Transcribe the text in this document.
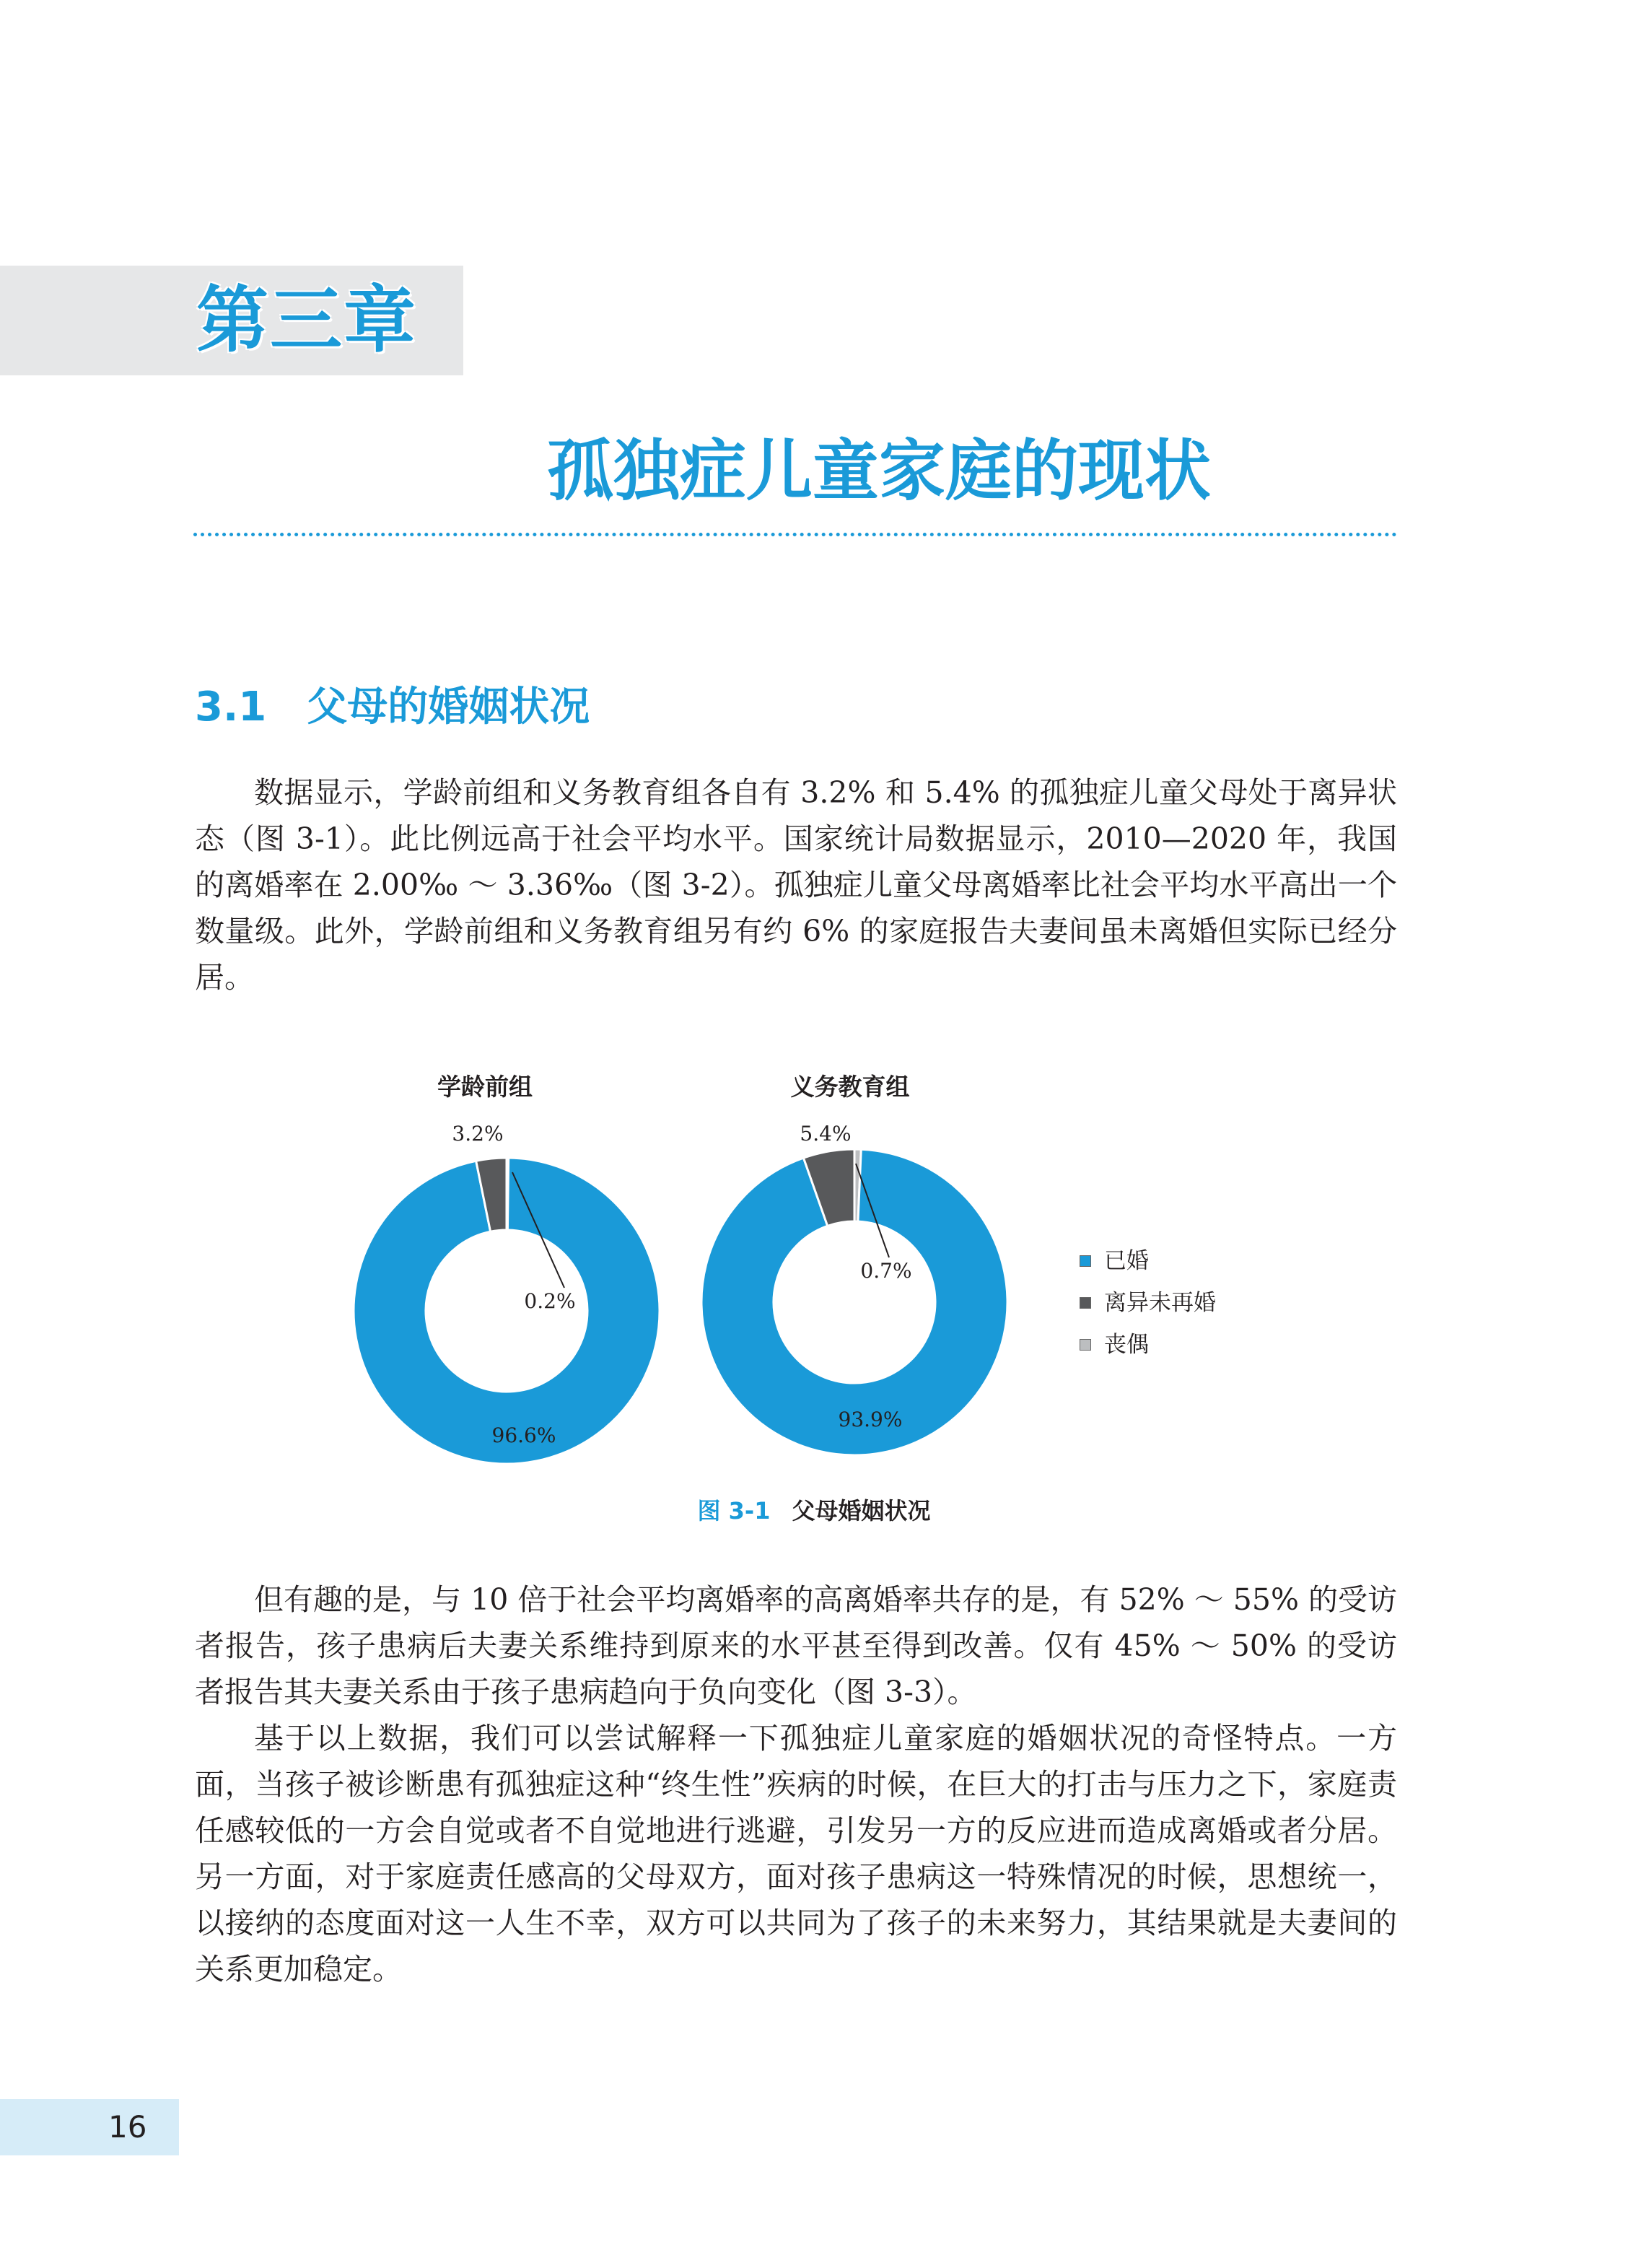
第三章
孤独症儿童家庭的现状
3.1 父母的婚姻状况

数据显示，学龄前组和义务教育组各自有 3.2% 和 5.4% 的孤独症儿童父母处于离异状态（图 3-1）。此比例远高于社会平均水平。国家统计局数据显示，2010—2020 年，我国的离婚率在 2.00‰ ～ 3.36‰（图 3-2）。孤独症儿童父母离婚率比社会平均水平高出一个数量级。此外，学龄前组和义务教育组另有约 6% 的家庭报告夫妻间虽未离婚但实际已经分居。

学龄前组	义务教育组
96.6%
3.2%
0.2%
93.9%
5.4%
0.7%	已婚
离异未再婚
丧偶
图 3-1 父母婚姻状况

但有趣的是，与 10 倍于社会平均离婚率的高离婚率共存的是，有 52% ～ 55% 的受访者报告，孩子患病后夫妻关系维持到原来的水平甚至得到改善。仅有 45% ～ 50% 的受访者报告其夫妻关系由于孩子患病趋向于负向变化（图 3-3）。

基于以上数据，我们可以尝试解释一下孤独症儿童家庭的婚姻状况的奇怪特点。一方面，当孩子被诊断患有孤独症这种“终生性”疾病的时候，在巨大的打击与压力之下，家庭责任感较低的一方会自觉或者不自觉地进行逃避，引发另一方的反应进而造成离婚或者分居。另一方面，对于家庭责任感高的父母双方，面对孩子患病这一特殊情况的时候，思想统一，以接纳的态度面对这一人生不幸，双方可以共同为了孩子的未来努力，其结果就是夫妻间的关系更加稳定。

16
